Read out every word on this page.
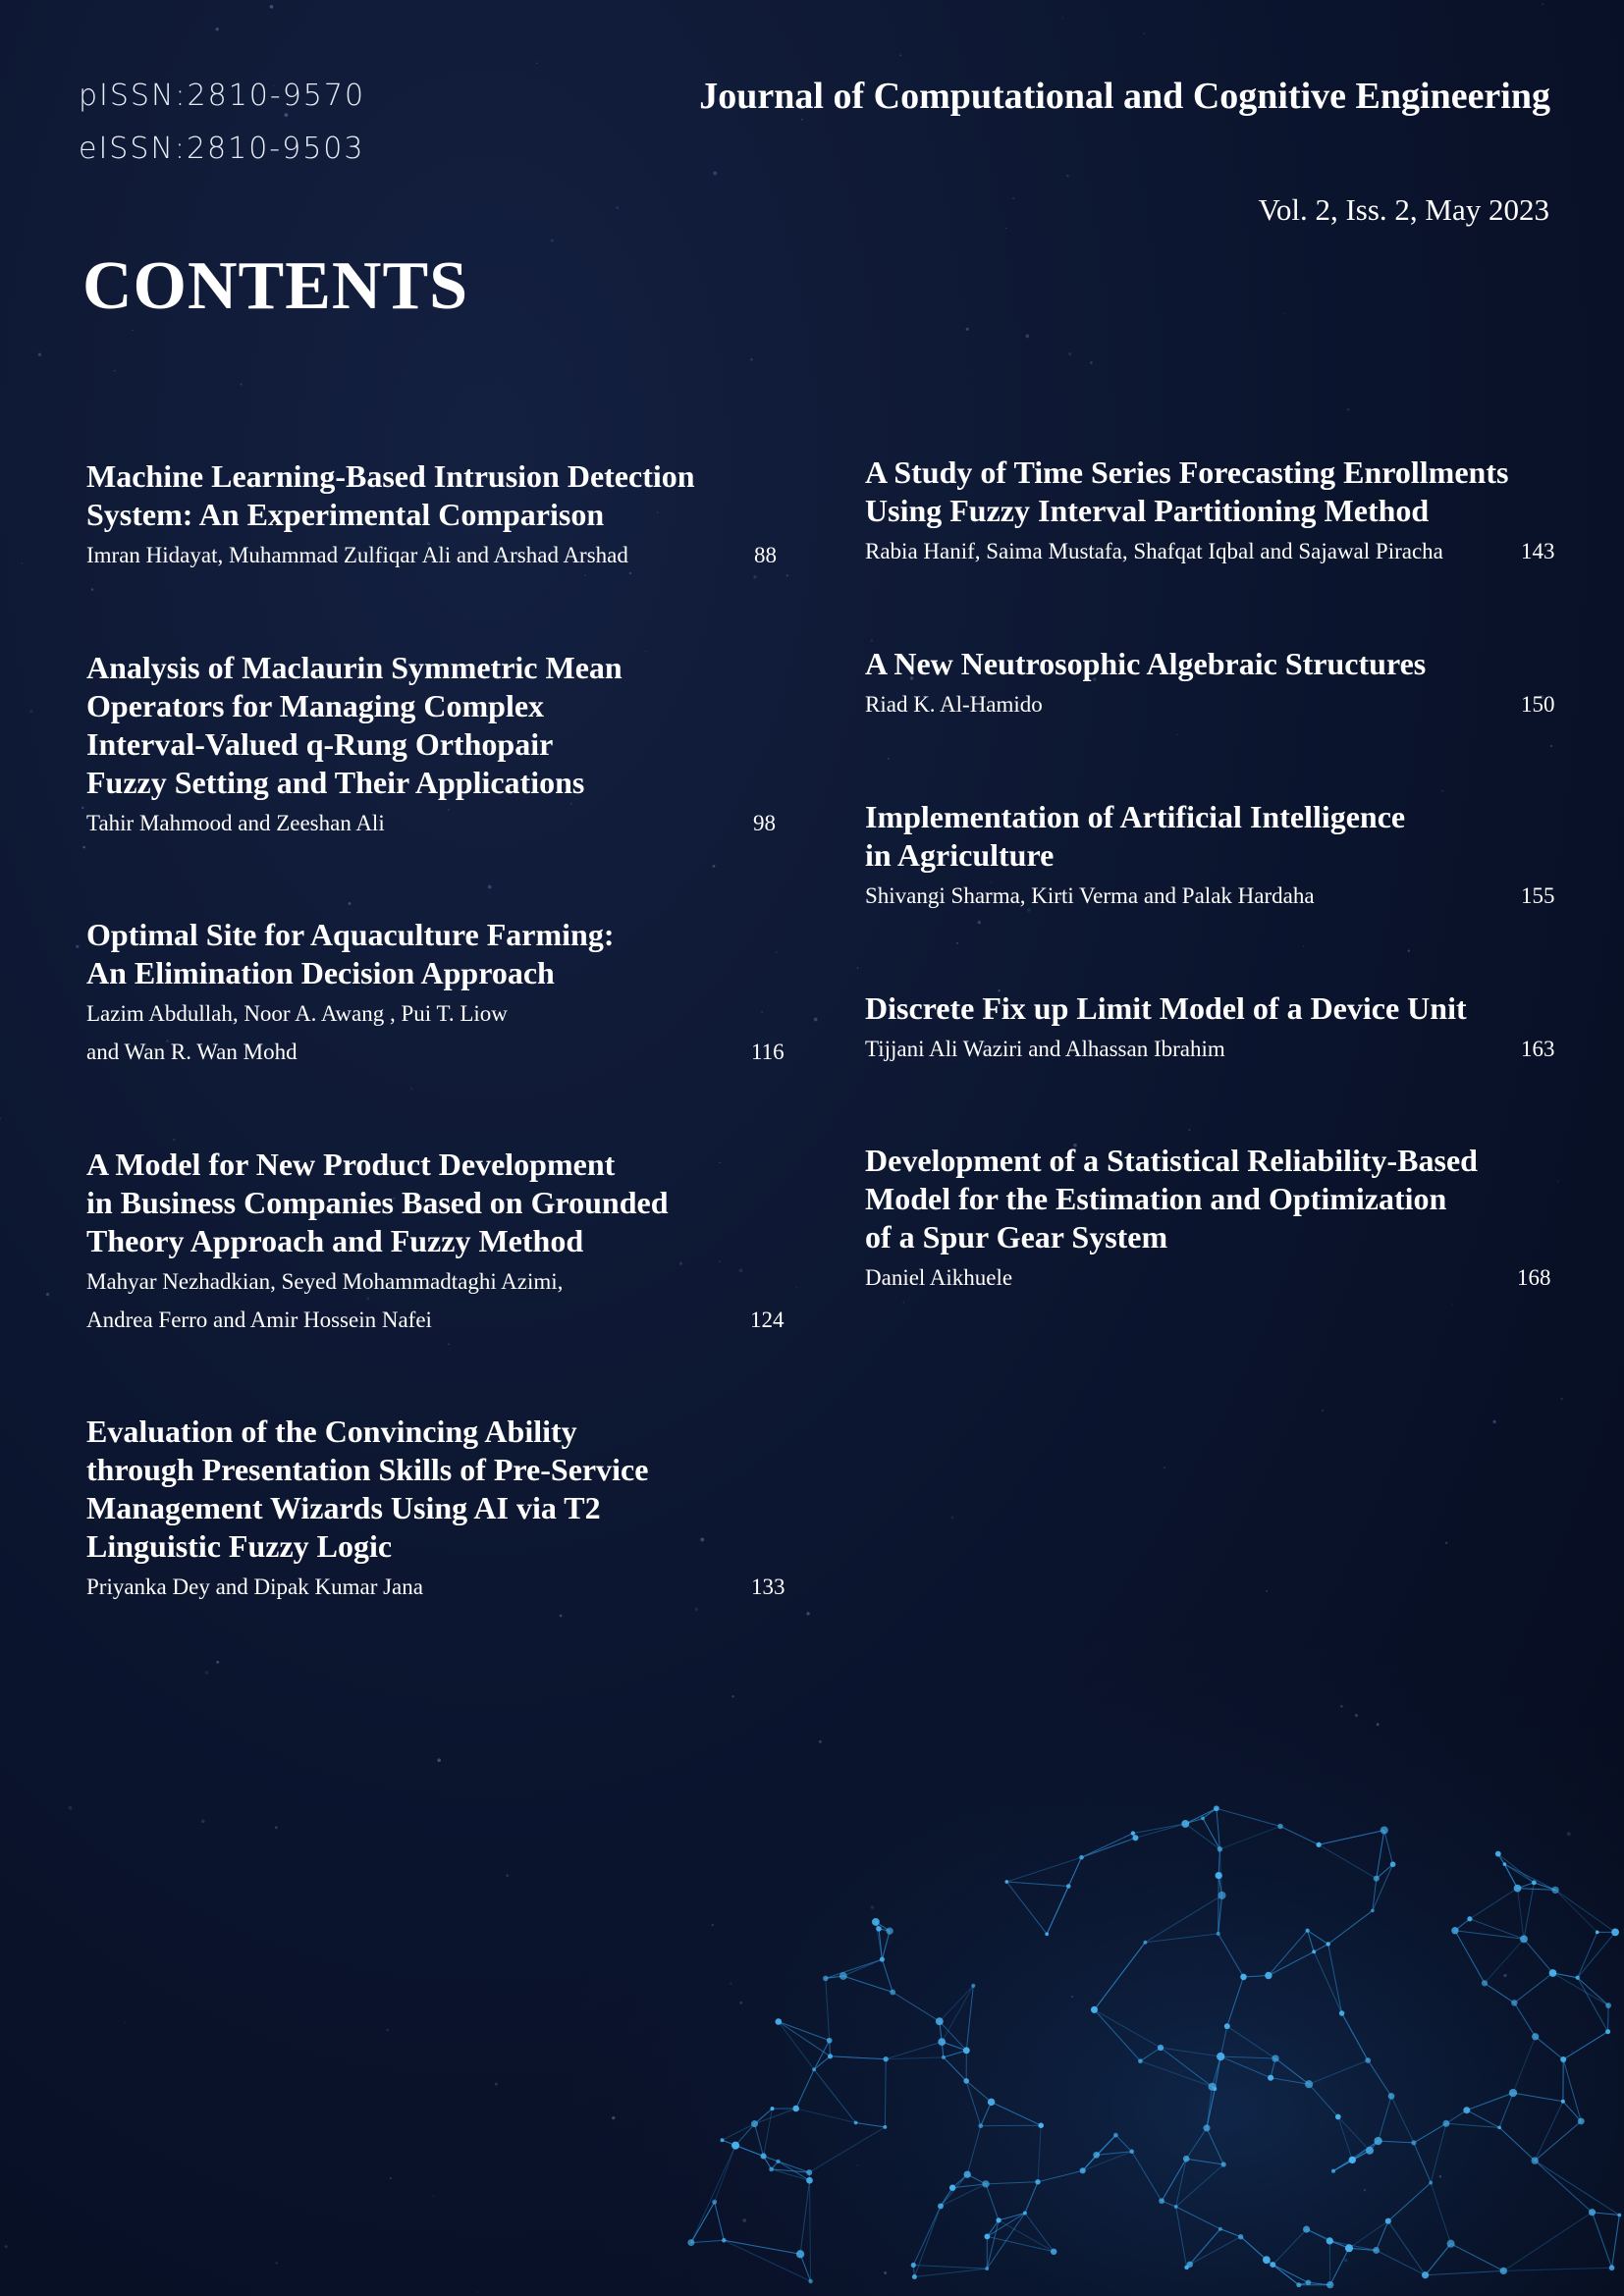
pISSN:2810-9570
eISSN:2810-9503
Journal of Computational and Cognitive Engineering
Vol. 2, Iss. 2, May 2023
CONTENTS
Machine Learning-Based Intrusion Detection
System: An Experimental Comparison
Imran Hidayat, Muhammad Zulfiqar Ali and Arshad Arshad	88
Analysis of Maclaurin Symmetric Mean
Operators for Managing Complex
Interval-Valued q-Rung Orthopair
Fuzzy Setting and Their Applications
Tahir Mahmood and Zeeshan Ali	98
Optimal Site for Aquaculture Farming:
An Elimination Decision Approach
Lazim Abdullah, Noor A. Awang , Pui T. Liow
and Wan R. Wan Mohd	116
A Model for New Product Development
in Business Companies Based on Grounded
Theory Approach and Fuzzy Method
Mahyar Nezhadkian, Seyed Mohammadtaghi Azimi,
Andrea Ferro and Amir Hossein Nafei	124
Evaluation of the Convincing Ability
through Presentation Skills of Pre-Service
Management Wizards Using AI via T2
Linguistic Fuzzy Logic
Priyanka Dey and Dipak Kumar Jana	133
A Study of Time Series Forecasting Enrollments
Using Fuzzy Interval Partitioning Method
Rabia Hanif, Saima Mustafa, Shafqat Iqbal and Sajawal Piracha	143
A New Neutrosophic Algebraic Structures
Riad K. Al-Hamido	150
Implementation of Artificial Intelligence
in Agriculture
Shivangi Sharma, Kirti Verma and Palak Hardaha	155
Discrete Fix up Limit Model of a Device Unit
Tijjani Ali Waziri and Alhassan Ibrahim	163
Development of a Statistical Reliability-Based
Model for the Estimation and Optimization
of a Spur Gear System
Daniel Aikhuele	168
